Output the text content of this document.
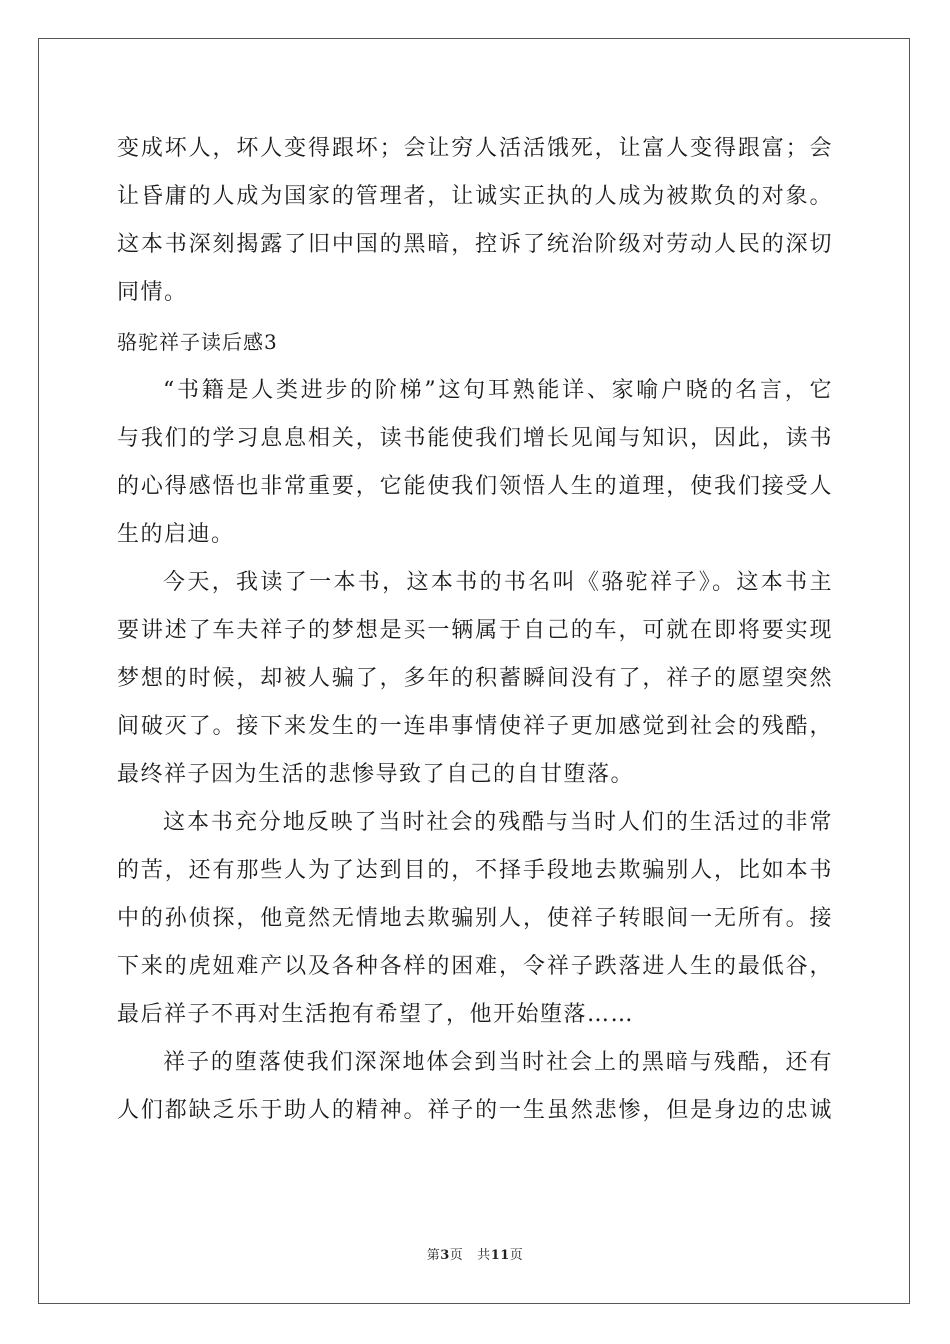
变成坏人，坏人变得跟坏；会让穷人活活饿死，让富人变得跟富；会
让昏庸的人成为国家的管理者，让诚实正执的人成为被欺负的对象。
这本书深刻揭露了旧中国的黑暗，控诉了统治阶级对劳动人民的深切
同情。
骆驼祥子读后感3
“书籍是人类进步的阶梯”这句耳熟能详、家喻户晓的名言，它
与我们的学习息息相关，读书能使我们增长见闻与知识，因此，读书
的心得感悟也非常重要，它能使我们领悟人生的道理，使我们接受人
生的启迪。
今天，我读了一本书，这本书的书名叫《骆驼祥子》。这本书主
要讲述了车夫祥子的梦想是买一辆属于自己的车，可就在即将要实现
梦想的时候，却被人骗了，多年的积蓄瞬间没有了，祥子的愿望突然
间破灭了。接下来发生的一连串事情使祥子更加感觉到社会的残酷，
最终祥子因为生活的悲惨导致了自己的自甘堕落。
这本书充分地反映了当时社会的残酷与当时人们的生活过的非常
的苦，还有那些人为了达到目的，不择手段地去欺骗别人，比如本书
中的孙侦探，他竟然无情地去欺骗别人，使祥子转眼间一无所有。接
下来的虎妞难产以及各种各样的困难，令祥子跌落进人生的最低谷，
最后祥子不再对生活抱有希望了，他开始堕落……
祥子的堕落使我们深深地体会到当时社会上的黑暗与残酷，还有
人们都缺乏乐于助人的精神。祥子的一生虽然悲惨，但是身边的忠诚
第3页 共11页
